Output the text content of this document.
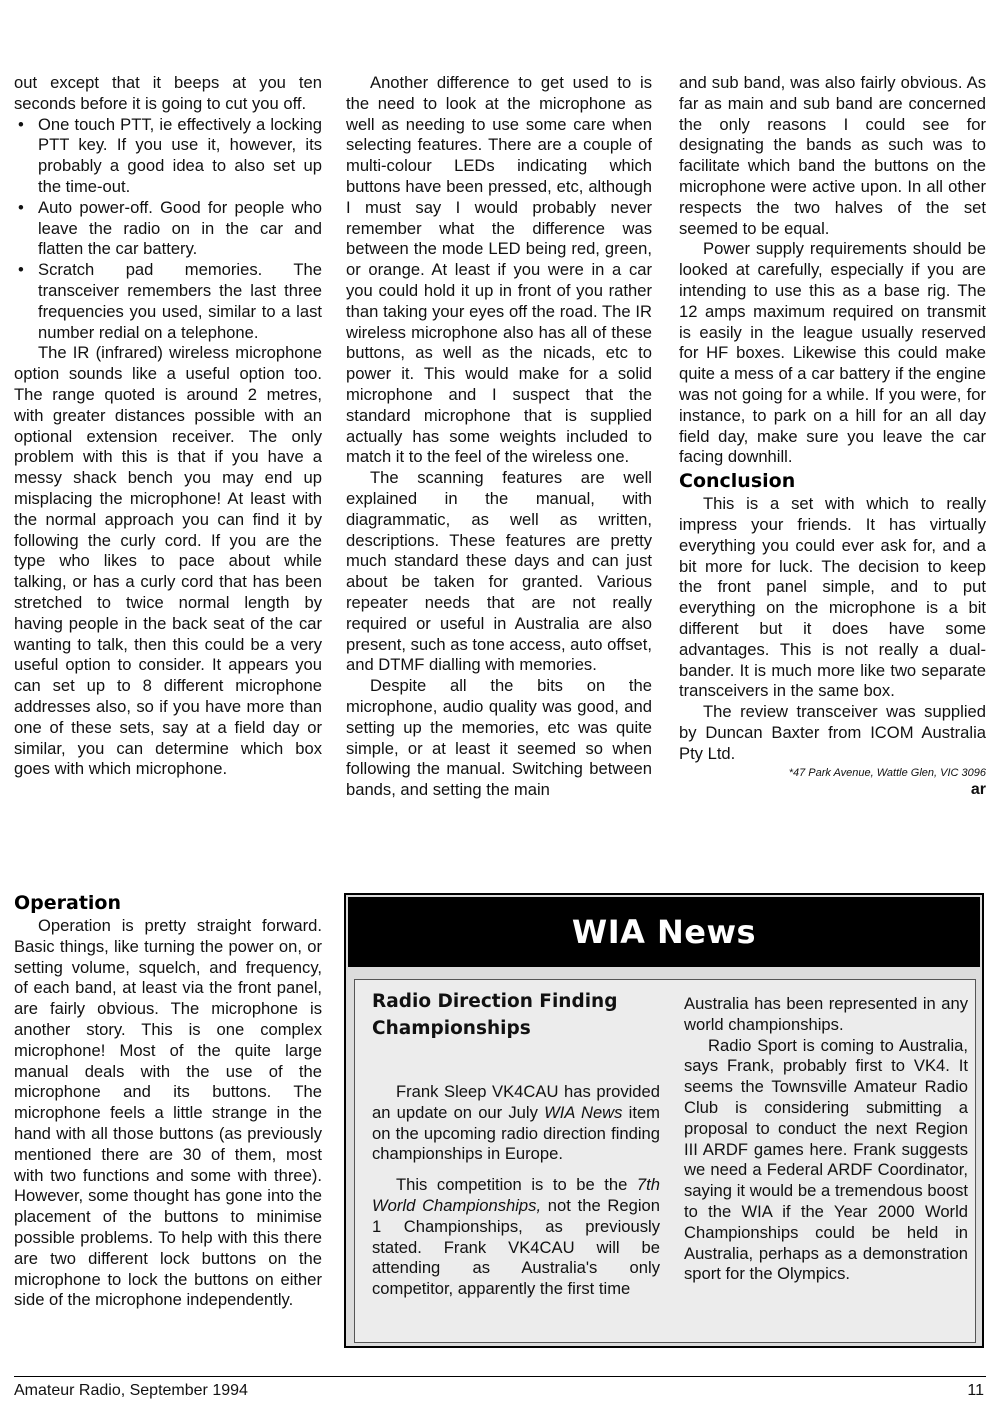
out except that it beeps at you ten seconds before it is going to cut you off.

• One touch PTT, ie effectively a locking PTT key. If you use it, however, its probably a good idea to also set up the time-out.
• Auto power-off. Good for people who leave the radio on in the car and flatten the car battery.
• Scratch pad memories. The transceiver remembers the last three frequencies you used, similar to a last number redial on a telephone.

The IR (infrared) wireless microphone option sounds like a useful option too. The range quoted is around 2 metres, with greater distances possible with an optional extension receiver. The only problem with this is that if you have a messy shack bench you may end up misplacing the microphone! At least with the normal approach you can find it by following the curly cord. If you are the type who likes to pace about while talking, or has a curly cord that has been stretched to twice normal length by having people in the back seat of the car wanting to talk, then this could be a very useful option to consider. It appears you can set up to 8 different microphone addresses also, so if you have more than one of these sets, say at a field day or similar, you can determine which box goes with which microphone.

Another difference to get used to is the need to look at the microphone as well as needing to use some care when selecting features. There are a couple of multi-colour LEDs indicating which buttons have been pressed, etc, although I must say I would probably never remember what the difference was between the mode LED being red, green, or orange. At least if you were in a car you could hold it up in front of you rather than taking your eyes off the road. The IR wireless microphone also has all of these buttons, as well as the nicads, etc to power it. This would make for a solid microphone and I suspect that the standard microphone that is supplied actually has some weights included to match it to the feel of the wireless one.

The scanning features are well explained in the manual, with diagrammatic, as well as written, descriptions. These features are pretty much standard these days and can just about be taken for granted. Various repeater needs that are not really required or useful in Australia are also present, such as tone access, auto offset, and DTMF dialling with memories.

Despite all the bits on the microphone, audio quality was good, and setting up the memories, etc was quite simple, or at least it seemed so when following the manual. Switching between bands, and setting the main

and sub band, was also fairly obvious. As far as main and sub band are concerned the only reasons I could see for designating the bands as such was to facilitate which band the buttons on the microphone were active upon. In all other respects the two halves of the set seemed to be equal.

Power supply requirements should be looked at carefully, especially if you are intending to use this as a base rig. The 12 amps maximum required on transmit is easily in the league usually reserved for HF boxes. Likewise this could make quite a mess of a car battery if the engine was not going for a while. If you were, for instance, to park on a hill for an all day field day, make sure you leave the car facing downhill.

Conclusion

This is a set with which to really impress your friends. It has virtually everything you could ever ask for, and a bit more for luck. The decision to keep the front panel simple, and to put everything on the microphone is a bit different but it does have some advantages. This is not really a dual-bander. It is much more like two separate transceivers in the same box.

The review transceiver was supplied by Duncan Baxter from ICOM Australia Pty Ltd.

*47 Park Avenue, Wattle Glen, VIC 3096
ar
Operation

Operation is pretty straight forward. Basic things, like turning the power on, or setting volume, squelch, and frequency, of each band, at least via the front panel, are fairly obvious. The microphone is another story. This is one complex microphone! Most of the quite large manual deals with the use of the microphone and its buttons. The microphone feels a little strange in the hand with all those buttons (as previously mentioned there are 30 of them, most with two functions and some with three). However, some thought has gone into the placement of the buttons to minimise possible problems. To help with this there are two different lock buttons on the microphone to lock the buttons on either side of the microphone independently.

WIA News
Radio Direction Finding Championships

Frank Sleep VK4CAU has provided an update on our July WIA News item on the upcoming radio direction finding championships in Europe.

This competition is to be the 7th World Championships, not the Region 1 Championships, as previously stated. Frank VK4CAU will be attending as Australia's only competitor, apparently the first time

Australia has been represented in any world championships.

Radio Sport is coming to Australia, says Frank, probably first to VK4. It seems the Townsville Amateur Radio Club is considering submitting a proposal to conduct the next Region III ARDF games here. Frank suggests we need a Federal ARDF Coordinator, saying it would be a tremendous boost to the WIA if the Year 2000 World Championships could be held in Australia, perhaps as a demonstration sport for the Olympics.

Amateur Radio, September 1994	11
